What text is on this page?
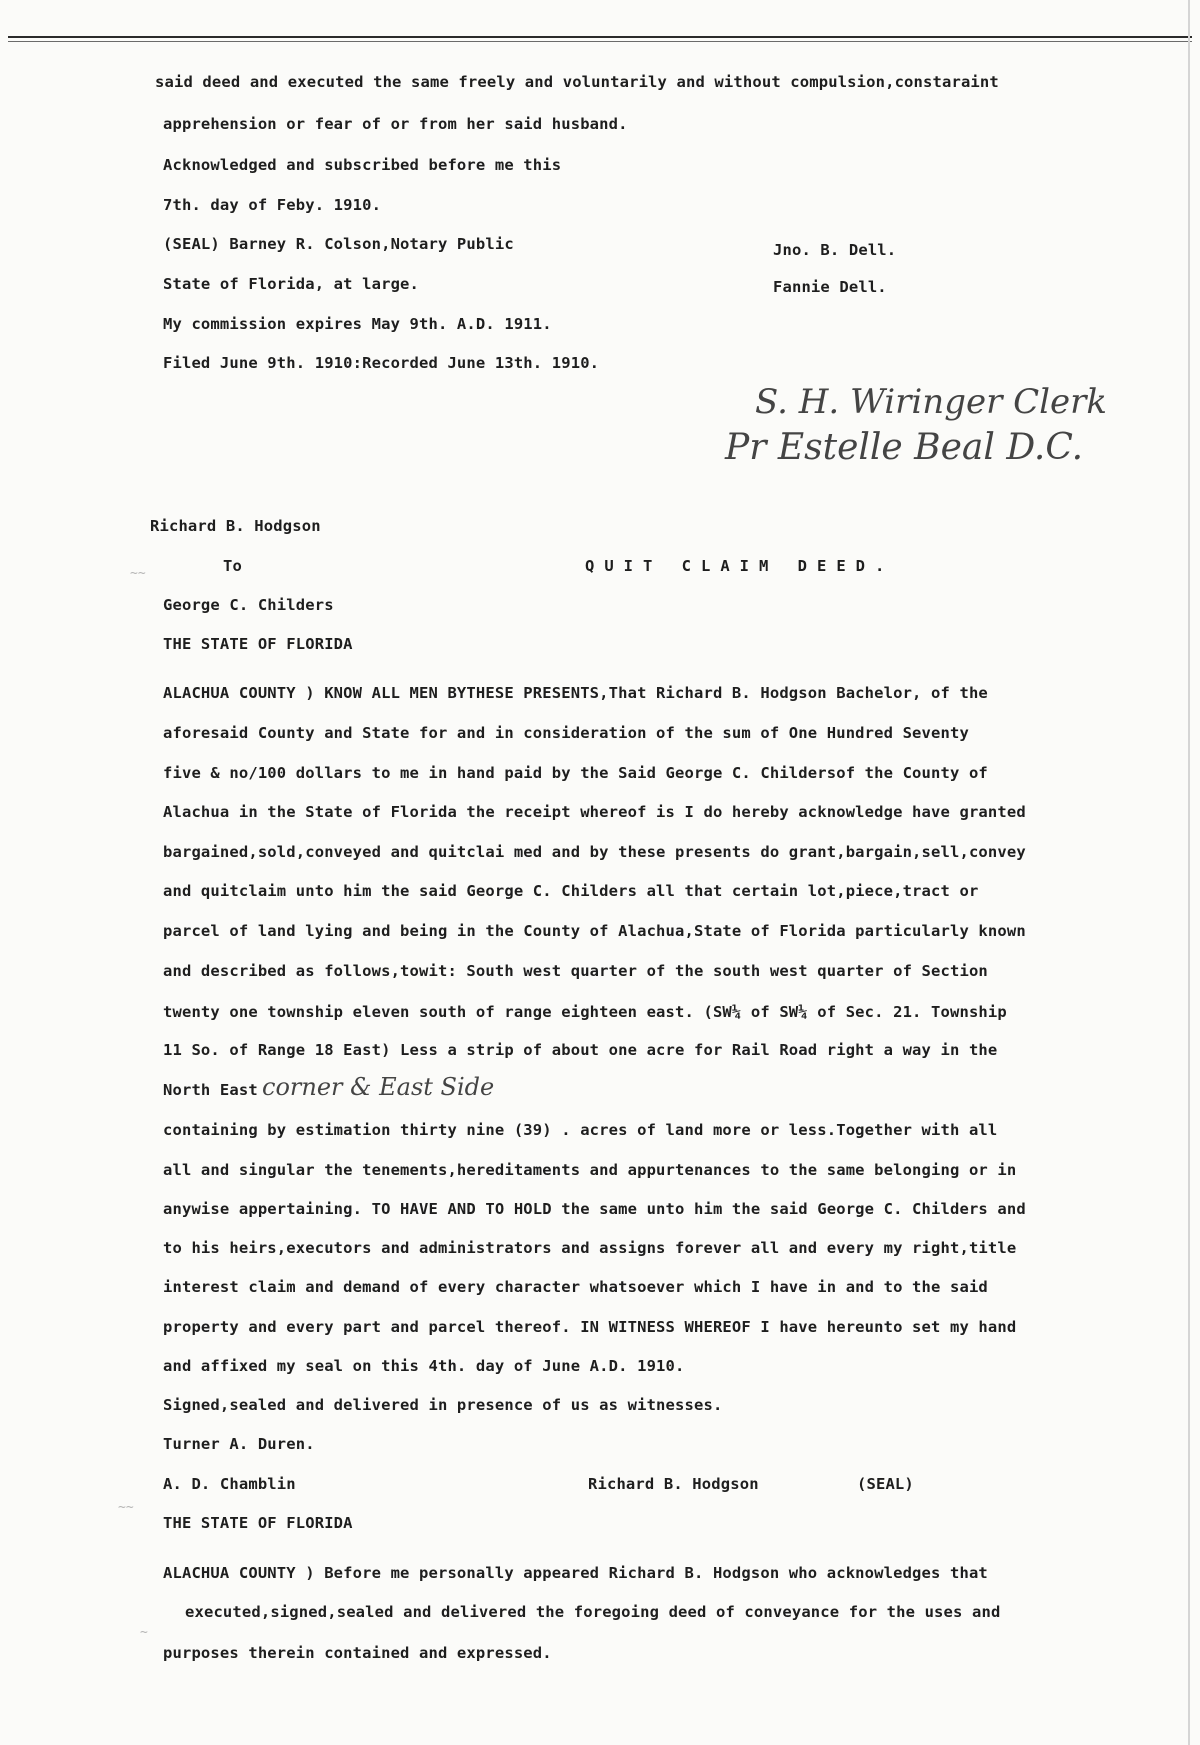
~~
~~
~
said deed and executed the same freely and voluntarily and without compulsion,constaraint
apprehension or fear of or from her said husband.
Acknowledged and subscribed before me this
7th. day of Feby. 1910.
(SEAL) Barney R. Colson,Notary Public
State of Florida, at large.
My commission expires May 9th. A.D. 1911.
Filed June 9th. 1910:Recorded June 13th. 1910.
Jno. B. Dell.
Fannie Dell.
S. H. Wiringer Clerk
Pr Estelle Beal D.C.
Richard B. Hodgson
To	QUIT CLAIM DEED.
George C. Childers
THE STATE OF FLORIDA
ALACHUA COUNTY ) KNOW ALL MEN BYTHESE PRESENTS,That Richard B. Hodgson Bachelor, of the
aforesaid County and State for and in consideration of the sum of One Hundred Seventy
five & no/100 dollars to me in hand paid by the Said George C. Childersof the County of
Alachua in the State of Florida the receipt whereof is I do hereby acknowledge have granted
bargained,sold,conveyed and quitclai med and by these presents do grant,bargain,sell,convey
and quitclaim unto him the said George C. Childers all that certain lot,piece,tract or
parcel of land lying and being in the County of Alachua,State of Florida particularly known
and described as follows,towit: South west quarter of the south west quarter of Section
twenty one township eleven south of range eighteen east. (SW¼ of SW¼ of Sec. 21. Township
11 So. of Range 18 East) Less a strip of about one acre for Rail Road right a way in the
North East corner & East Side
containing by estimation thirty nine (39) . acres of land more or less.Together with all
all and singular the tenements,hereditaments and appurtenances to the same belonging or in
anywise appertaining. TO HAVE AND TO HOLD the same unto him the said George C. Childers and
to his heirs,executors and administrators and assigns forever all and every my right,title
interest claim and demand of every character whatsoever which I have in and to the said
property and every part and parcel thereof. IN WITNESS WHEREOF I have hereunto set my hand
and affixed my seal on this 4th. day of June A.D. 1910.
Signed,sealed and delivered in presence of us as witnesses.
Turner A. Duren.
A. D. Chamblin	Richard B. Hodgson	(SEAL)
THE STATE OF FLORIDA
ALACHUA COUNTY ) Before me personally appeared Richard B. Hodgson who acknowledges that
executed,signed,sealed and delivered the foregoing deed of conveyance for the uses and
purposes therein contained and expressed.
